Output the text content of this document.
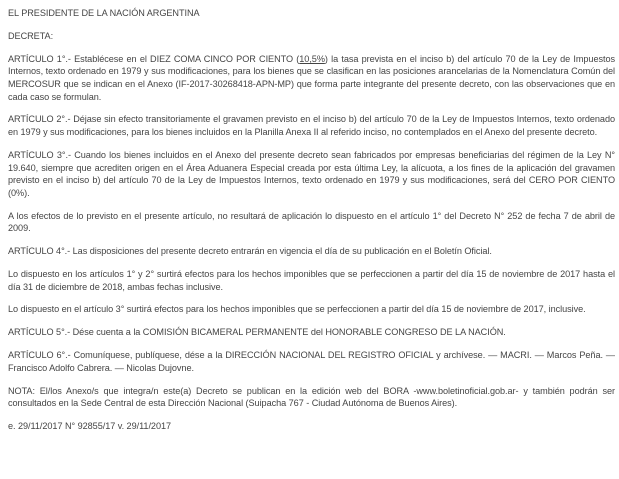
EL PRESIDENTE DE LA NACIÓN ARGENTINA

DECRETA:

ARTÍCULO 1°.- Establécese en el DIEZ COMA CINCO POR CIENTO (10,5%) la tasa prevista en el inciso b) del artículo 70 de la Ley de Impuestos Internos, texto ordenado en 1979 y sus modificaciones, para los bienes que se clasifican en las posiciones arancelarias de la Nomenclatura Común del MERCOSUR que se indican en el Anexo (IF-2017-30268418-APN-MP) que forma parte integrante del presente decreto, con las observaciones que en cada caso se formulan.

ARTÍCULO 2°.- Déjase sin efecto transitoriamente el gravamen previsto en el inciso b) del artículo 70 de la Ley de Impuestos Internos, texto ordenado en 1979 y sus modificaciones, para los bienes incluidos en la Planilla Anexa II al referido inciso, no contemplados en el Anexo del presente decreto.

ARTÍCULO 3°.- Cuando los bienes incluidos en el Anexo del presente decreto sean fabricados por empresas beneficiarias del régimen de la Ley N° 19.640, siempre que acrediten origen en el Área Aduanera Especial creada por esta última Ley, la alícuota, a los fines de la aplicación del gravamen previsto en el inciso b) del artículo 70 de la Ley de Impuestos Internos, texto ordenado en 1979 y sus modificaciones, será del CERO POR CIENTO (0%).

A los efectos de lo previsto en el presente artículo, no resultará de aplicación lo dispuesto en el artículo 1° del Decreto N° 252 de fecha 7 de abril de 2009.

ARTÍCULO 4°.- Las disposiciones del presente decreto entrarán en vigencia el día de su publicación en el Boletín Oficial.

Lo dispuesto en los artículos 1° y 2° surtirá efectos para los hechos imponibles que se perfeccionen a partir del día 15 de noviembre de 2017 hasta el día 31 de diciembre de 2018, ambas fechas inclusive.

Lo dispuesto en el artículo 3° surtirá efectos para los hechos imponibles que se perfeccionen a partir del día 15 de noviembre de 2017, inclusive.

ARTÍCULO 5°.- Dése cuenta a la COMISIÓN BICAMERAL PERMANENTE del HONORABLE CONGRESO DE LA NACIÓN.

ARTÍCULO 6°.- Comuníquese, publíquese, dése a la DIRECCIÓN NACIONAL DEL REGISTRO OFICIAL y archívese. — MACRI. — Marcos Peña. — Francisco Adolfo Cabrera. — Nicolas Dujovne.

NOTA: El/los Anexo/s que integra/n este(a) Decreto se publican en la edición web del BORA -www.boletinoficial.gob.ar- y también podrán ser consultados en la Sede Central de esta Dirección Nacional (Suipacha 767 - Ciudad Autónoma de Buenos Aires).

e. 29/11/2017 N° 92855/17 v. 29/11/2017
